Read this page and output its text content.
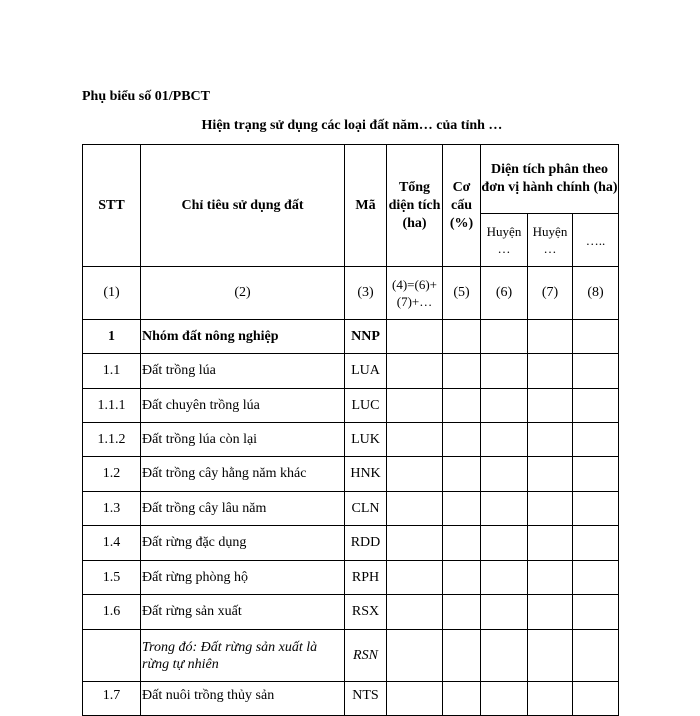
Phụ biểu số 01/PBCT
Hiện trạng sử dụng các loại đất năm… của tỉnh …
STT	Chỉ tiêu sử dụng đất	Mã	Tổng diện tích (ha)	Cơ cấu (%)	Diện tích phân theo đơn vị hành chính (ha)		
					Huyện …	Huyện …	…..
(1)	(2)	(3)	(4)=(6)+(7)+…	(5)	(6)	(7)	(8)
1	Nhóm đất nông nghiệp	NNP					
1.1	Đất trồng lúa	LUA					
1.1.1	Đất chuyên trồng lúa	LUC					
1.1.2	Đất trồng lúa còn lại	LUK					
1.2	Đất trồng cây hằng năm khác	HNK					
1.3	Đất trồng cây lâu năm	CLN					
1.4	Đất rừng đặc dụng	RDD					
1.5	Đất rừng phòng hộ	RPH					
1.6	Đất rừng sản xuất	RSX					
	Trong đó: Đất rừng sản xuất là rừng tự nhiên	RSN					
1.7	Đất nuôi trồng thủy sản	NTS					
